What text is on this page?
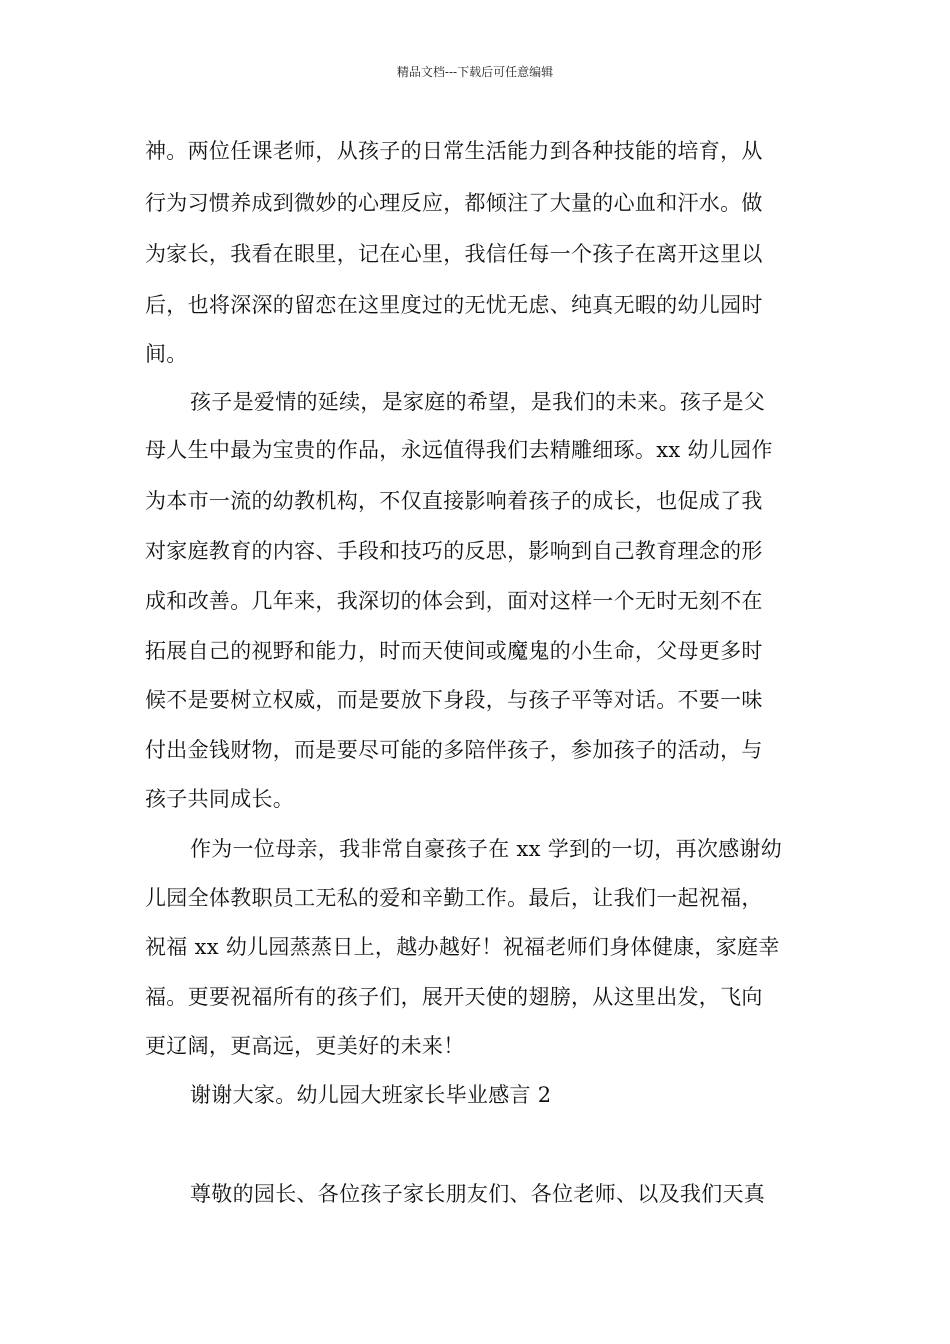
精品文档---下载后可任意编辑
神。两位任课老师，从孩子的日常生活能力到各种技能的培育，从
行为习惯养成到微妙的心理反应，都倾注了大量的心血和汗水。做
为家长，我看在眼里，记在心里，我信任每一个孩子在离开这里以
后，也将深深的留恋在这里度过的无忧无虑、纯真无暇的幼儿园时
间。
孩子是爱情的延续，是家庭的希望，是我们的未来。孩子是父
母人生中最为宝贵的作品，永远值得我们去精雕细琢。xx 幼儿园作
为本市一流的幼教机构，不仅直接影响着孩子的成长，也促成了我
对家庭教育的内容、手段和技巧的反思，影响到自己教育理念的形
成和改善。几年来，我深切的体会到，面对这样一个无时无刻不在
拓展自己的视野和能力，时而天使间或魔鬼的小生命，父母更多时
候不是要树立权威，而是要放下身段，与孩子平等对话。不要一味
付出金钱财物，而是要尽可能的多陪伴孩子，参加孩子的活动，与
孩子共同成长。
作为一位母亲，我非常自豪孩子在 xx 学到的一切，再次感谢幼
儿园全体教职员工无私的爱和辛勤工作。最后，让我们一起祝福，
祝福 xx 幼儿园蒸蒸日上，越办越好！祝福老师们身体健康，家庭幸
福。更要祝福所有的孩子们，展开天使的翅膀，从这里出发，飞向
更辽阔，更高远，更美好的未来！
谢谢大家。幼儿园大班家长毕业感言 2
尊敬的园长、各位孩子家长朋友们、各位老师、以及我们天真
